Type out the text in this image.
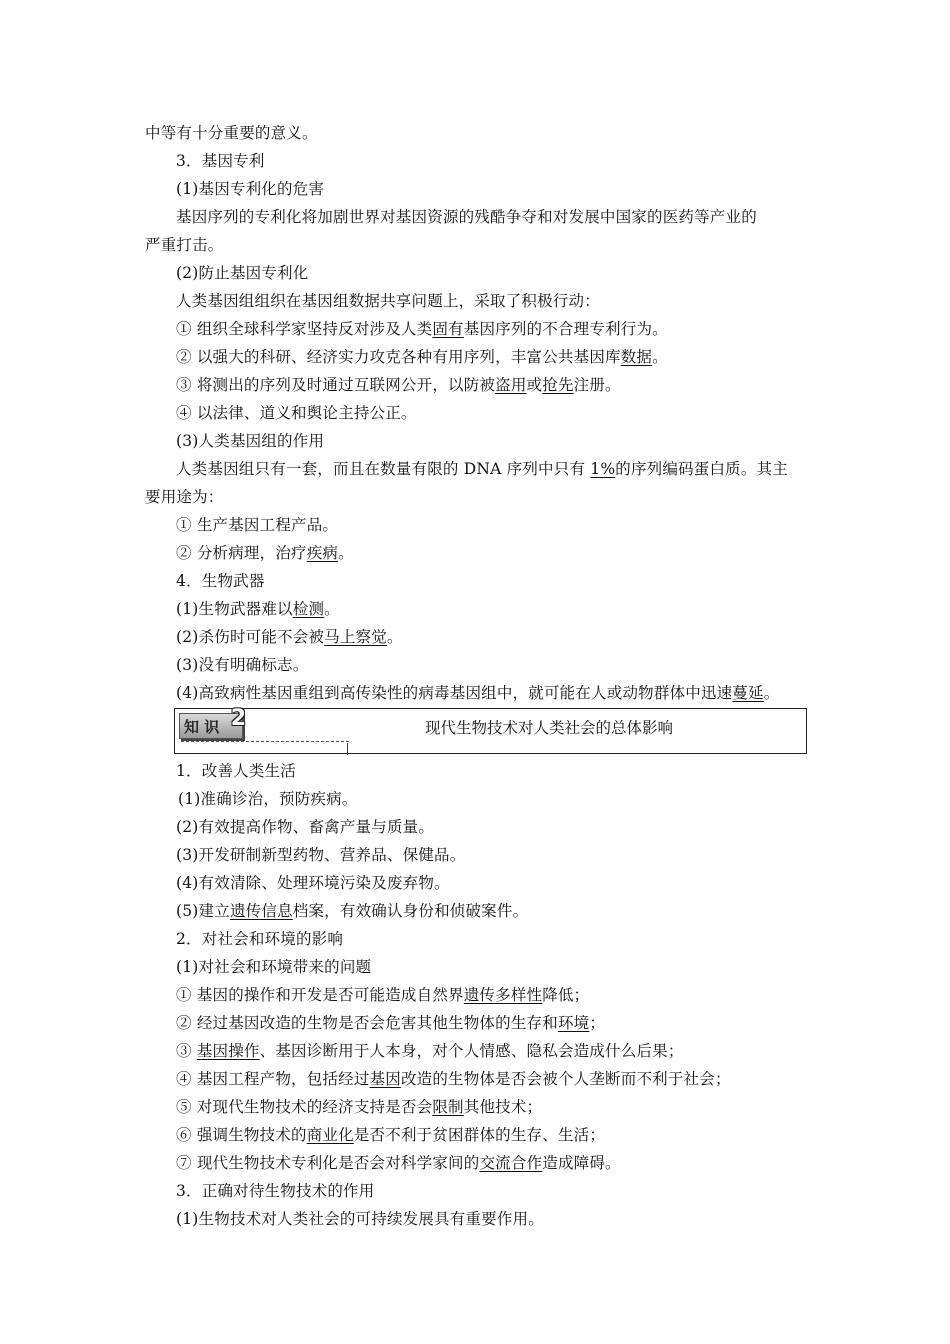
中等有十分重要的意义。
3．基因专利
(1)基因专利化的危害
基因序列的专利化将加剧世界对基因资源的残酷争夺和对发展中国家的医药等产业的
严重打击。
(2)防止基因专利化
人类基因组组织在基因组数据共享问题上，采取了积极行动：
① 组织全球科学家坚持反对涉及人类固有基因序列的不合理专利行为。
② 以强大的科研、经济实力攻克各种有用序列，丰富公共基因库数据。
③ 将测出的序列及时通过互联网公开，以防被盗用或抢先注册。
④ 以法律、道义和舆论主持公正。
(3)人类基因组的作用
人类基因组只有一套，而且在数量有限的 DNA 序列中只有 1%的序列编码蛋白质。其主
要用途为：
① 生产基因工程产品。
② 分析病理，治疗疾病。
4．生物武器
(1)生物武器难以检测。
(2)杀伤时可能不会被马上察觉。
(3)没有明确标志。
(4)高致病性基因重组到高传染性的病毒基因组中，就可能在人或动物群体中迅速蔓延。
1．改善人类生活
(1)准确诊治，预防疾病。
(2)有效提高作物、畜禽产量与质量。
(3)开发研制新型药物、营养品、保健品。
(4)有效清除、处理环境污染及废弃物。
(5)建立遗传信息档案，有效确认身份和侦破案件。
2．对社会和环境的影响
(1)对社会和环境带来的问题
① 基因的操作和开发是否可能造成自然界遗传多样性降低；
② 经过基因改造的生物是否会危害其他生物体的生存和环境；
③ 基因操作、基因诊断用于人本身，对个人情感、隐私会造成什么后果；
④ 基因工程产物，包括经过基因改造的生物体是否会被个人垄断而不利于社会；
⑤ 对现代生物技术的经济支持是否会限制其他技术；
⑥ 强调生物技术的商业化是否不利于贫困群体的生存、生活；
⑦ 现代生物技术专利化是否会对科学家间的交流合作造成障碍。
3．正确对待生物技术的作用
(1)生物技术对人类社会的可持续发展具有重要作用。
知 识 2	现代生物技术对人类社会的总体影响
